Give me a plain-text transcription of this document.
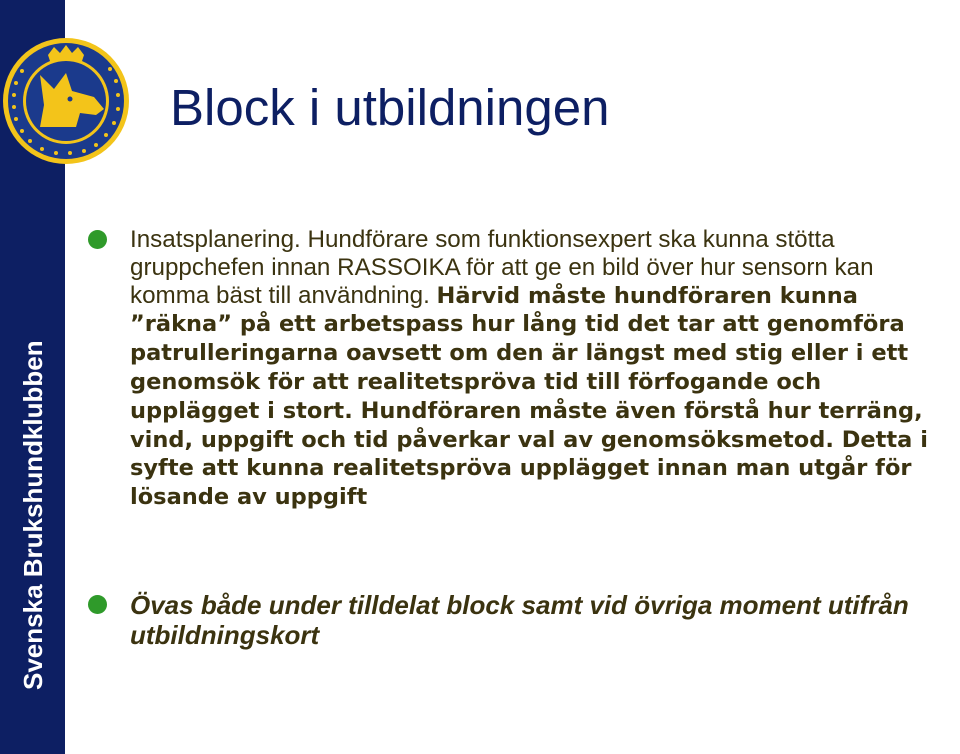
Svenska Brukshundklubben
Block i utbildningen

Insatsplanering. Hundförare som funktionsexpert ska kunna stötta gruppchefen innan RASSOIKA för att ge en bild över hur sensorn kan komma bäst till användning. Härvid måste hundföraren kunna ”räkna” på ett arbetspass hur lång tid det tar att genomföra patrulleringarna oavsett om den är längst med stig eller i ett genomsök för att realitetspröva tid till förfogande och upplägget i stort. Hundföraren måste även förstå hur terräng, vind, uppgift och tid påverkar val av genomsöksmetod. Detta i syfte att kunna realitetspröva upplägget innan man utgår för lösande av uppgift

Övas både under tilldelat block samt vid övriga moment utifrån utbildningskort
